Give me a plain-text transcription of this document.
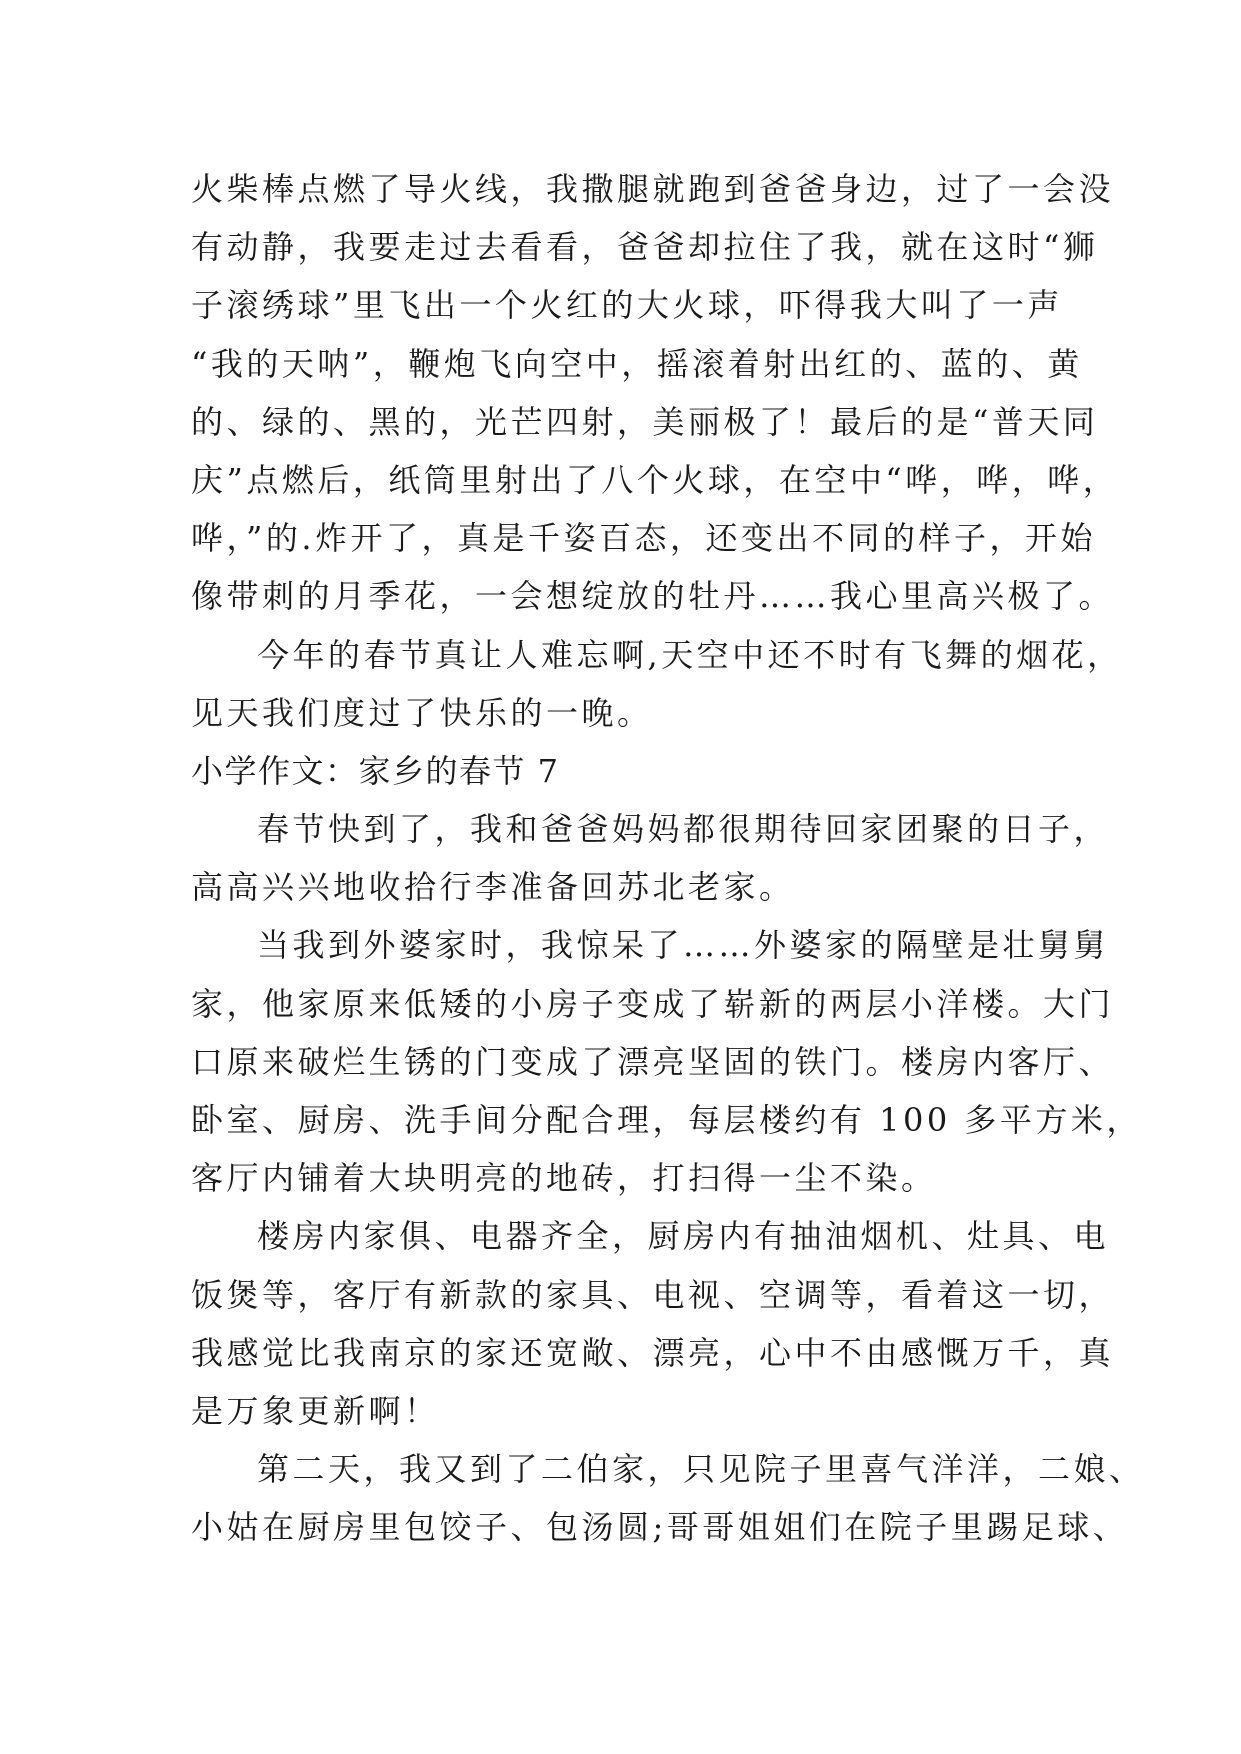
火柴棒点燃了导火线，我撒腿就跑到爸爸身边，过了一会没
有动静，我要走过去看看，爸爸却拉住了我，就在这时“狮
子滚绣球”里飞出一个火红的大火球，吓得我大叫了一声
“我的天呐”，鞭炮飞向空中，摇滚着射出红的、蓝的、黄
的、绿的、黑的，光芒四射，美丽极了！最后的是“普天同
庆”点燃后，纸筒里射出了八个火球，在空中“哗，哗，哗，
哗，”的.炸开了，真是千姿百态，还变出不同的样子，开始
像带刺的月季花，一会想绽放的牡丹……我心里高兴极了。
今年的春节真让人难忘啊,天空中还不时有飞舞的烟花，
见天我们度过了快乐的一晚。
小学作文：家乡的春节 7
春节快到了，我和爸爸妈妈都很期待回家团聚的日子，
高高兴兴地收拾行李准备回苏北老家。
当我到外婆家时，我惊呆了……外婆家的隔壁是壮舅舅
家，他家原来低矮的小房子变成了崭新的两层小洋楼。大门
口原来破烂生锈的门变成了漂亮坚固的铁门。楼房内客厅、
卧室、厨房、洗手间分配合理，每层楼约有 100 多平方米，
客厅内铺着大块明亮的地砖，打扫得一尘不染。
楼房内家俱、电器齐全，厨房内有抽油烟机、灶具、电
饭煲等，客厅有新款的家具、电视、空调等，看着这一切，
我感觉比我南京的家还宽敞、漂亮，心中不由感慨万千，真
是万象更新啊！
第二天，我又到了二伯家，只见院子里喜气洋洋，二娘、
小姑在厨房里包饺子、包汤圆;哥哥姐姐们在院子里踢足球、
